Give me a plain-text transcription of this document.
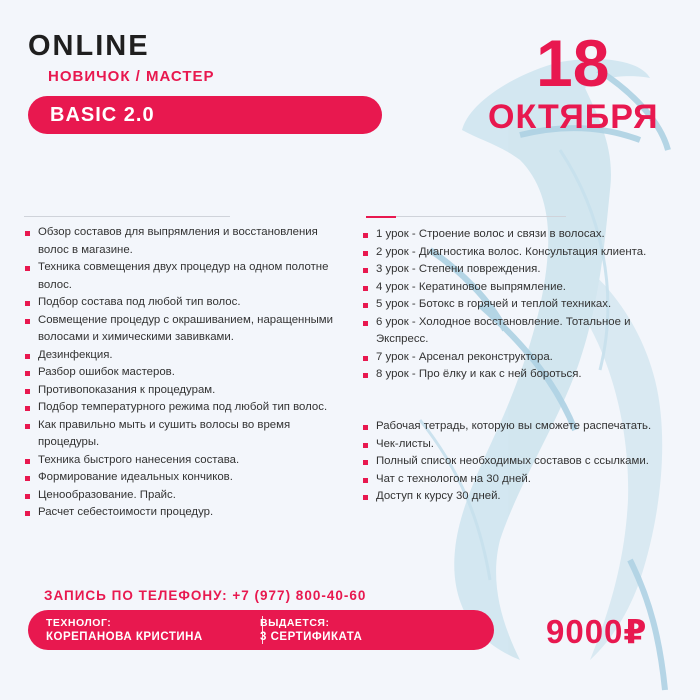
ONLINE
НОВИЧОК / МАСТЕР
BASIC 2.0
18
ОКТЯБРЯ
Обзор составов для выпрямления и восстановления волос в магазине.
Техника совмещения двух процедур на одном полотне волос.
Подбор состава под любой тип волос.
Совмещение процедур с окрашиванием, наращенными волосами и химическими завивками.
Дезинфекция.
Разбор ошибок мастеров.
Противопоказания к процедурам.
Подбор температурного режима под любой тип волос.
Как правильно мыть и сушить волосы во время процедуры.
Техника быстрого нанесения состава.
Формирование идеальных кончиков.
Ценообразование. Прайс.
Расчет себестоимости процедур.
1 урок - Строение волос и связи в волосах.
2 урок - Диагностика волос. Консультация клиента.
3 урок - Степени повреждения.
4 урок - Кератиновое выпрямление.
5 урок - Ботокс в горячей и теплой техниках.
6 урок - Холодное восстановление. Тотальное и Экспресс.
7 урок - Арсенал реконструктора.
8 урок - Про ёлку и как с ней бороться.
Рабочая тетрадь, которую вы сможете распечатать.
Чек-листы.
Полный список необходимых составов с ссылками.
Чат с технологом на 30 дней.
Доступ к курсу 30 дней.
ЗАПИСЬ ПО ТЕЛЕФОНУ: +7 (977) 800-40-60
ТЕХНОЛОГ:
КОРЕПАНОВА КРИСТИНА
ВЫДАЕТСЯ:
3 СЕРТИФИКАТА	9000₽
